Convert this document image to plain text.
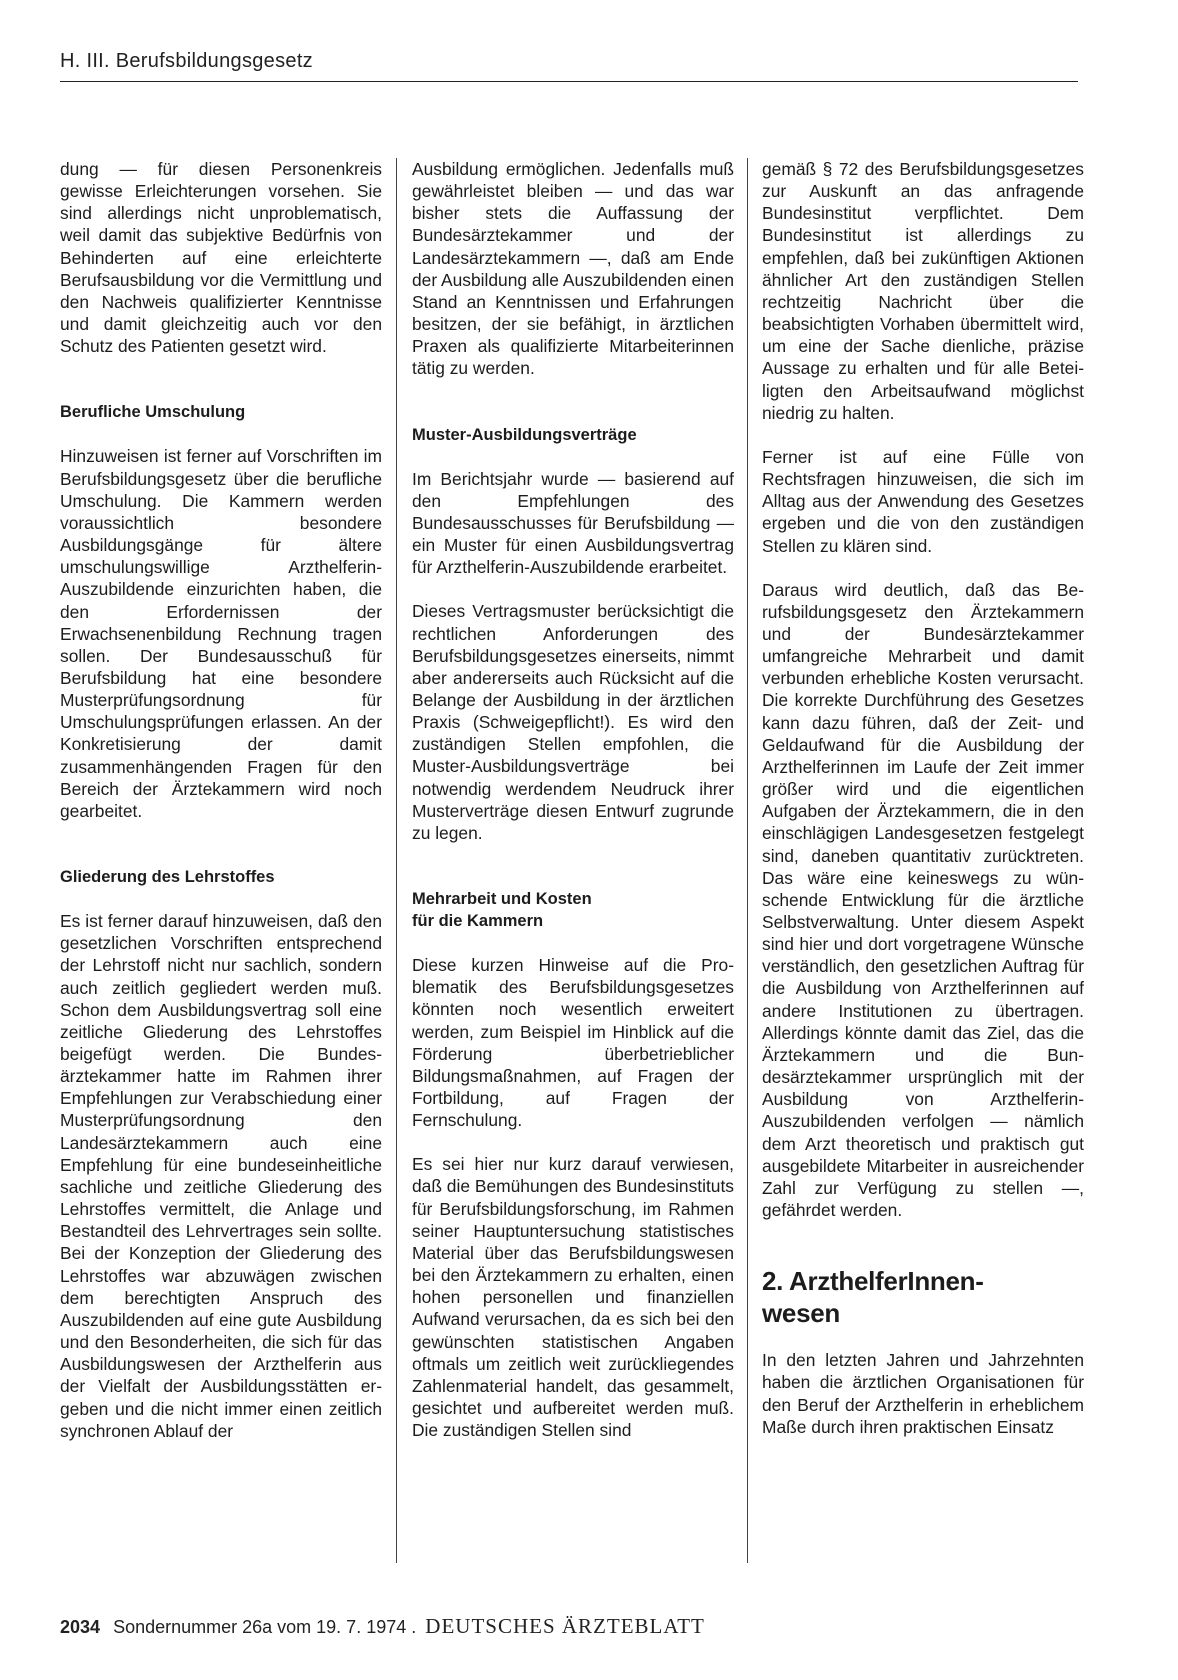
H. III. Berufsbildungsgesetz

dung — für diesen Personenkreis gewisse Erleichterungen vorsehen. Sie sind allerdings nicht unproblematisch, weil damit das subjektive Bedürfnis von Behinderten auf eine erleichterte Berufsausbildung vor die Vermittlung und den Nachweis qualifizierter Kenntnisse und damit gleichzeitig auch vor den Schutz des Patienten gesetzt wird.

Berufliche Umschulung

Hinzuweisen ist ferner auf Vorschriften im Berufsbildungsgesetz über die berufliche Umschulung. Die Kammern werden voraussichtlich besondere Ausbildungsgänge für ältere umschulungswillige Arzthelferin-Auszubildende einzurichten haben, die den Erfordernissen der Erwachsenenbildung Rechnung tragen sollen. Der Bundesausschuß für Berufsbildung hat eine besondere Musterprüfungsordnung für Umschulungsprüfungen erlassen. An der Konkretisierung der damit zusammenhängenden Fragen für den Bereich der Ärztekammern wird noch gearbeitet.

Gliederung des Lehrstoffes

Es ist ferner darauf hinzuweisen, daß den gesetzlichen Vorschriften entsprechend der Lehrstoff nicht nur sachlich, sondern auch zeitlich gegliedert werden muß. Schon dem Ausbildungsvertrag soll eine zeitliche Gliederung des Lehrstoffes beigefügt werden. Die Bundesärztekammer hatte im Rahmen ihrer Empfehlungen zur Verabschiedung einer Musterprüfungsordnung den Landesärztekammern auch eine Empfehlung für eine bundeseinheitliche sachliche und zeitliche Gliederung des Lehrstoffes vermittelt, die Anlage und Bestandteil des Lehrvertrages sein sollte. Bei der Konzeption der Gliederung des Lehrstoffes war abzuwägen zwischen dem berechtigten Anspruch des Auszubildenden auf eine gute Ausbildung und den Besonderheiten, die sich für das Ausbildungswesen der Arzthelferin aus der Vielfalt der Ausbildungsstätten ergeben und die nicht immer einen zeitlich synchronen Ablauf der

Ausbildung ermöglichen. Jedenfalls muß gewährleistet bleiben — und das war bisher stets die Auffassung der Bundesärztekammer und der Landesärztekammern —, daß am Ende der Ausbildung alle Auszubildenden einen Stand an Kenntnissen und Erfahrungen besitzen, der sie befähigt, in ärztlichen Praxen als qualifizierte Mitarbeiterinnen tätig zu werden.

Muster-Ausbildungsverträge

Im Berichtsjahr wurde — basierend auf den Empfehlungen des Bundesausschusses für Berufsbildung — ein Muster für einen Ausbildungsvertrag für Arzthelferin-Auszubildende erarbeitet.

Dieses Vertragsmuster berücksichtigt die rechtlichen Anforderungen des Berufsbildungsgesetzes einerseits, nimmt aber andererseits auch Rücksicht auf die Belange der Ausbildung in der ärztlichen Praxis (Schweigepflicht!). Es wird den zuständigen Stellen empfohlen, die Muster-Ausbildungsverträge bei notwendig werdendem Neudruck ihrer Musterverträge diesen Entwurf zugrunde zu legen.

Mehrarbeit und Kosten
für die Kammern

Diese kurzen Hinweise auf die Problematik des Berufsbildungsgesetzes könnten noch wesentlich erweitert werden, zum Beispiel im Hinblick auf die Förderung überbetrieblicher Bildungsmaßnahmen, auf Fragen der Fortbildung, auf Fragen der Fernschulung.

Es sei hier nur kurz darauf verwiesen, daß die Bemühungen des Bundesinstituts für Berufsbildungsforschung, im Rahmen seiner Hauptuntersuchung statistisches Material über das Berufsbildungswesen bei den Ärztekammern zu erhalten, einen hohen personellen und finanziellen Aufwand verursachen, da es sich bei den gewünschten statistischen Angaben oftmals um zeitlich weit zurückliegendes Zahlenmaterial handelt, das gesammelt, gesichtet und aufbereitet werden muß. Die zuständigen Stellen sind

gemäß § 72 des Berufsbildungsgesetzes zur Auskunft an das anfragende Bundesinstitut verpflichtet. Dem Bundesinstitut ist allerdings zu empfehlen, daß bei zukünftigen Aktionen ähnlicher Art den zuständigen Stellen rechtzeitig Nachricht über die beabsichtigten Vorhaben übermittelt wird, um eine der Sache dienliche, präzise Aussage zu erhalten und für alle Beteiligten den Arbeitsaufwand möglichst niedrig zu halten.

Ferner ist auf eine Fülle von Rechtsfragen hinzuweisen, die sich im Alltag aus der Anwendung des Gesetzes ergeben und die von den zuständigen Stellen zu klären sind.

Daraus wird deutlich, daß das Berufsbildungsgesetz den Ärztekammern und der Bundesärztekammer umfangreiche Mehrarbeit und damit verbunden erhebliche Kosten verursacht. Die korrekte Durchführung des Gesetzes kann dazu führen, daß der Zeit- und Geldaufwand für die Ausbildung der Arzthelferinnen im Laufe der Zeit immer größer wird und die eigentlichen Aufgaben der Ärztekammern, die in den einschlägigen Landesgesetzen festgelegt sind, daneben quantitativ zurücktreten. Das wäre eine keineswegs zu wünschende Entwicklung für die ärztliche Selbstverwaltung. Unter diesem Aspekt sind hier und dort vorgetragene Wünsche verständlich, den gesetzlichen Auftrag für die Ausbildung von Arzthelferinnen auf andere Institutionen zu übertragen. Allerdings könnte damit das Ziel, das die Ärztekammern und die Bundesärztekammer ursprünglich mit der Ausbildung von Arzthelferin-Auszubildenden verfolgen — nämlich dem Arzt theoretisch und praktisch gut ausgebildete Mitarbeiter in ausreichender Zahl zur Verfügung zu stellen —, gefährdet werden.

2. ArzthelferInnen-
wesen

In den letzten Jahren und Jahrzehnten haben die ärztlichen Organisationen für den Beruf der Arzthelferin in erheblichem Maße durch ihren praktischen Einsatz

2034 Sondernummer 26a vom 19. 7. 1974 . DEUTSCHES ÄRZTEBLATT
